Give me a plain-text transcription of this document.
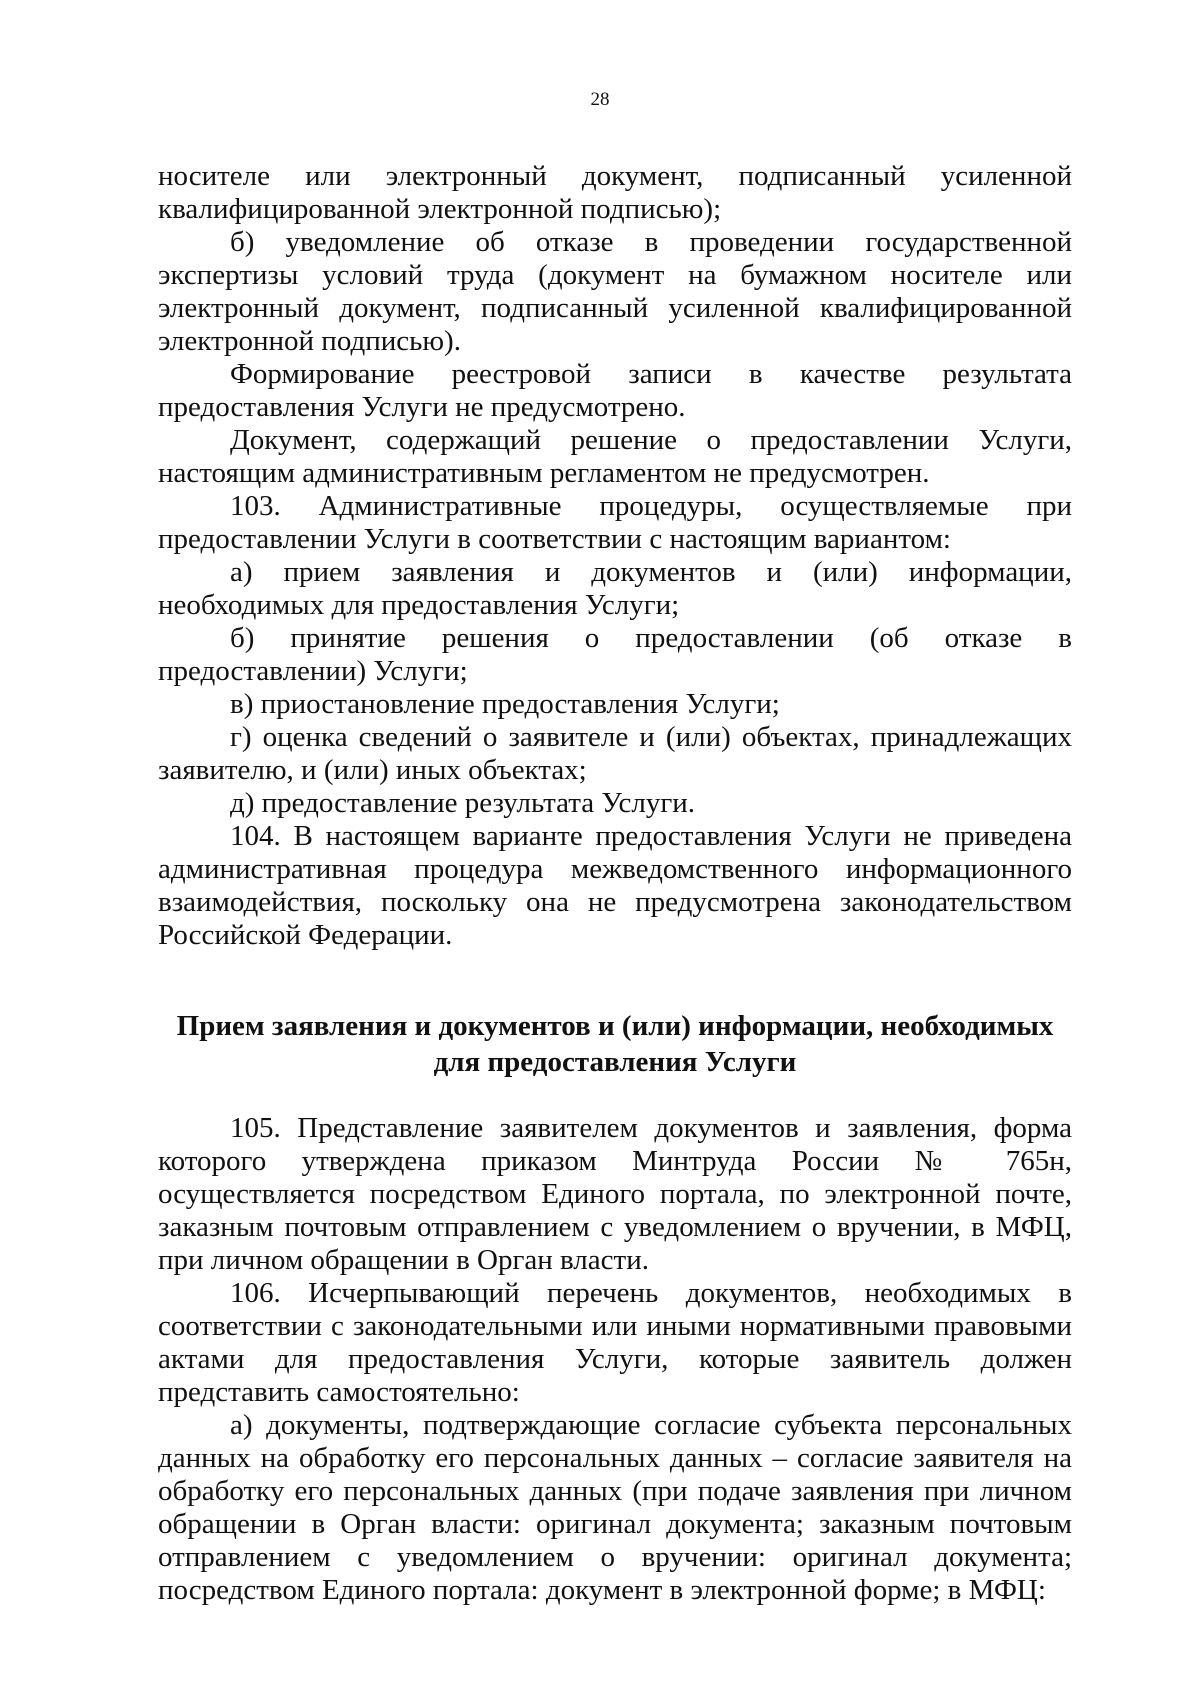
28

носителе или электронный документ, подписанный усиленной квалифицированной электронной подписью);

б) уведомление об отказе в проведении государственной экспертизы условий труда (документ на бумажном носителе или электронный документ, подписанный усиленной квалифицированной электронной подписью).

Формирование реестровой записи в качестве результата предоставления Услуги не предусмотрено.

Документ, содержащий решение о предоставлении Услуги, настоящим административным регламентом не предусмотрен.

103. Административные процедуры, осуществляемые при предоставлении Услуги в соответствии с настоящим вариантом:

а) прием заявления и документов и (или) информации, необходимых для предоставления Услуги;

б) принятие решения о предоставлении (об отказе в предоставлении) Услуги;

в) приостановление предоставления Услуги;

г) оценка сведений о заявителе и (или) объектах, принадлежащих заявителю, и (или) иных объектах;

д) предоставление результата Услуги.

104. В настоящем варианте предоставления Услуги не приведена административная процедура межведомственного информационного взаимодействия, поскольку она не предусмотрена законодательством Российской Федерации.

Прием заявления и документов и (или) информации, необходимых для предоставления Услуги

105. Представление заявителем документов и заявления, форма которого утверждена приказом Минтруда России № 765н, осуществляется посредством Единого портала, по электронной почте, заказным почтовым отправлением с уведомлением о вручении, в МФЦ, при личном обращении в Орган власти.

106. Исчерпывающий перечень документов, необходимых в соответствии с законодательными или иными нормативными правовыми актами для предоставления Услуги, которые заявитель должен представить самостоятельно:

а) документы, подтверждающие согласие субъекта персональных данных на обработку его персональных данных – согласие заявителя на обработку его персональных данных (при подаче заявления при личном обращении в Орган власти: оригинал документа; заказным почтовым отправлением с уведомлением о вручении: оригинал документа; посредством Единого портала: документ в электронной форме; в МФЦ:
